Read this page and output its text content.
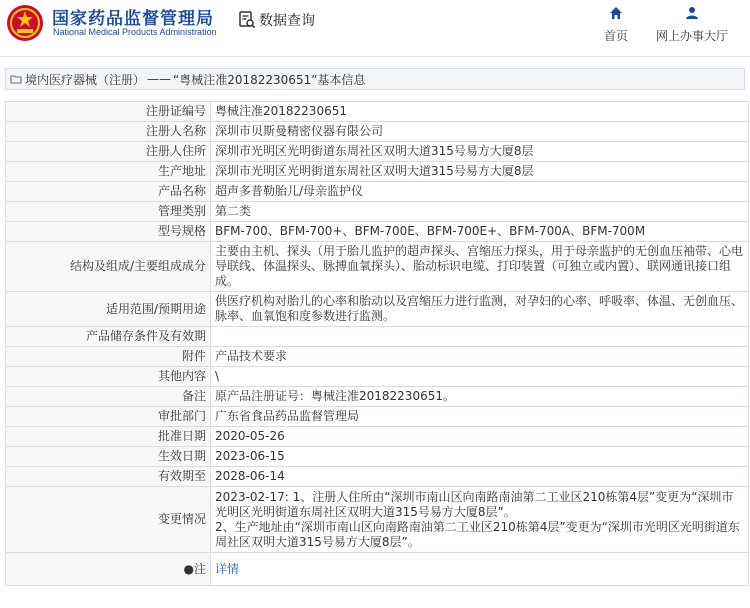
国家药品监督管理局
National Medical Products Administration
数据查询
首页 网上办事大厅
境内医疗器械（注册） —— “粤械注准20182230651”基本信息
注册证编号	粤械注准20182230651
注册人名称	深圳市贝斯曼精密仪器有限公司
注册人住所	深圳市光明区光明街道东周社区双明大道315号易方大厦8层
生产地址	深圳市光明区光明街道东周社区双明大道315号易方大厦8层
产品名称	超声多普勒胎儿/母亲监护仪
管理类别	第二类
型号规格	BFM-700、BFM-700+、BFM-700E、BFM-700E+、BFM-700A、BFM-700M
结构及组成/主要组成成分	主要由主机、探头（用于胎儿监护的超声探头、宫缩压力探头，用于母亲监护的无创血压袖带、心电导联线、体温探头、脉搏血氧探头）、胎动标识电缆、打印装置（可独立或内置）、联网通讯接口组成。
适用范围/预期用途	供医疗机构对胎儿的心率和胎动以及宫缩压力进行监测，对孕妇的心率、呼吸率、体温、无创血压、脉率、血氧饱和度参数进行监测。
产品储存条件及有效期	
附件	产品技术要求
其他内容	\
备注	原产品注册证号：粤械注准20182230651。
审批部门	广东省食品药品监督管理局
批准日期	2020-05-26
生效日期	2023-06-15
有效期至	2028-06-14
变更情况	2023-02-17: 1、注册人住所由“深圳市南山区向南路南油第二工业区210栋第4层”变更为“深圳市光明区光明街道东周社区双明大道315号易方大厦8层”。
2、生产地址由“深圳市南山区向南路南油第二工业区210栋第4层”变更为“深圳市光明区光明街道东周社区双明大道315号易方大厦8层”。
●注	详情
